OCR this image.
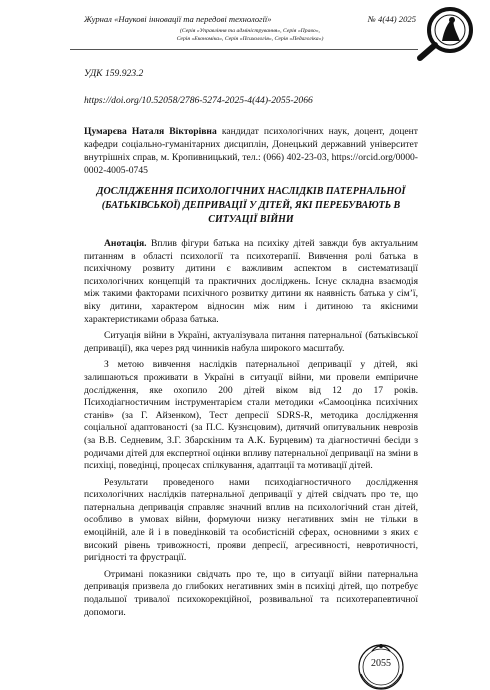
Журнал «Наукові інновації та передові технології»	№ 4(44) 2025
(Серія «Управління та адміністрування», Серія «Право»,
Серія «Економіка», Серія «Психологія», Серія «Педагогіка»)
УДК 159.923.2
https://doi.org/10.52058/2786-5274-2025-4(44)-2055-2066
Цумарєва Наталя Вікторівна кандидат психологічних наук, доцент, доцент кафедри соціально-гуманітарних дисциплін, Донецький державний університет внутрішніх справ, м. Кропивницький, тел.: (066) 402-23-03, https://orcid.org/0000-0002-4005-0745
ДОСЛІДЖЕННЯ ПСИХОЛОГІЧНИХ НАСЛІДКІВ ПАТЕРНАЛЬНОЇ (БАТЬКІВСЬКОЇ) ДЕПРИВАЦІЇ У ДІТЕЙ, ЯКІ ПЕРЕБУВАЮТЬ В СИТУАЦІЇ ВІЙНИ

Анотація. Вплив фігури батька на психіку дітей завжди був актуальним питанням в області психології та психотерапії. Вивчення ролі батька в психічному розвиту дитини є важливим аспектом в систематизації психологічних концепцій та практичних досліджень. Існує складна взаємодія між такими факторами психічного розвитку дитини як наявність батька у сім’ї, віку дитини, характером відносин між ним і дитиною та якісними характеристиками образа батька.

Ситуація війни в Україні, актуалізувала питання патернальної (батьківської депривації), яка через ряд чинників набула широкого масштабу.

З метою вивчення наслідків патернальної депривації у дітей, які залишаються проживати в Україні в ситуації війни, ми провели емпіричне дослідження, яке охопило 200 дітей віком від 12 до 17 років. Психодіагностичним інструментарієм стали методики «Самооцінка психічних станів» (за Г. Айзенком), Тест депресії SDRS-R, методика дослідження соціальної адаптованості (за П.С. Кузнєцовим), дитячий опитувальник неврозів (за В.В. Седневим, З.Г. Збарскіним та А.К. Бурцевим) та діагностичні бесіди з родичами дітей для експертної оцінки впливу патернальної депривації на зміни в психіці, поведінці, процесах спілкування, адаптації та мотивації дітей.

Результати проведеного нами психодіагностичного дослідження психологічних наслідків патернальної депривації у дітей свідчать про те, що патернальна депривація справляє значний вплив на психологічний стан дітей, особливо в умовах війни, формуючи низку негативних змін не тільки в емоційній, але й і в поведінковій та особистісній сферах, основними з яких є високий рівень тривожності, прояви депресії, агресивності, невротичності, ригідності та фрустрації.

Отримані показники свідчать про те, що в ситуації війни патернальна депривація призвела до глибоких негативних змін в психіці дітей, що потребує подальшої тривалої психокорекційної, розвивальної та психотерапевтичної допомоги.

2055
